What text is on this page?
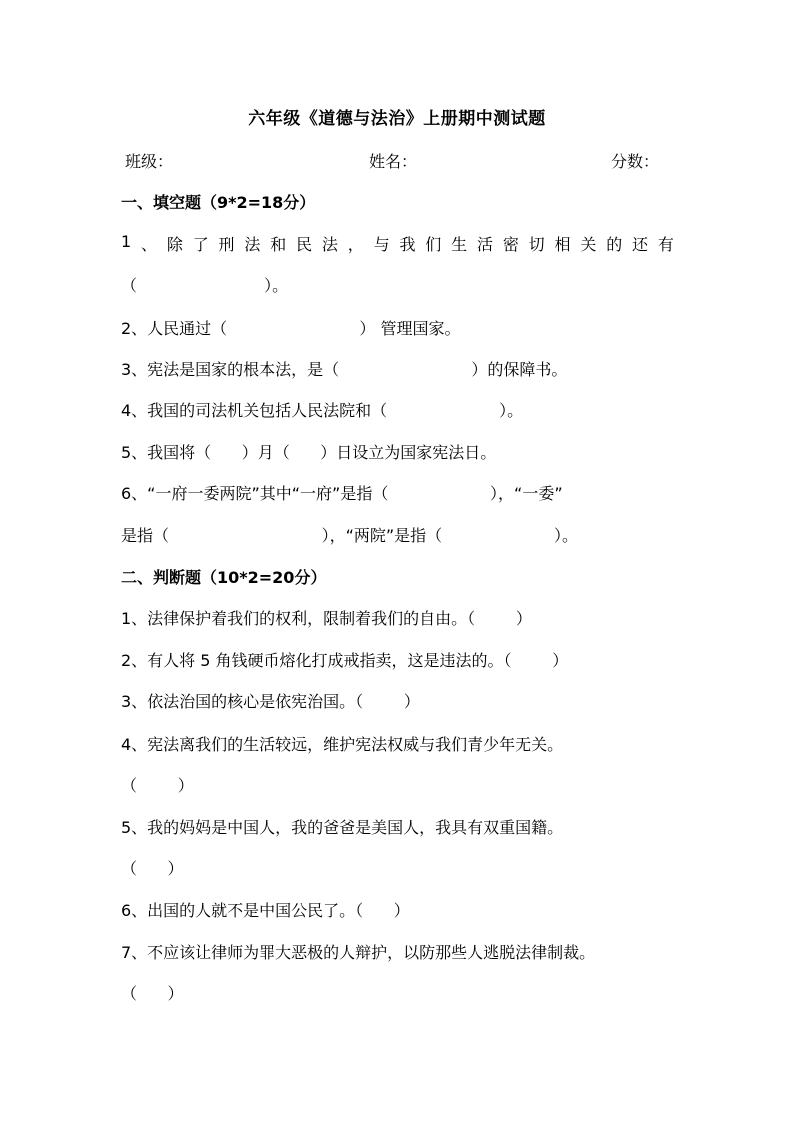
六年级《道德与法治》上册期中测试题
班级：	姓名：	分数：
一、填空题（9*2=18分）
1 、 除 了 刑 法 和 民 法 ， 与 我 们 生 活 密 切 相 关 的 还 有
（                         ）。
2、人民通过（                          ） 管理国家。
3、宪法是国家的根本法，是（                          ）的保障书。
4、我国的司法机关包括人民法院和（                      ）。
5、我国将（      ）月（      ）日设立为国家宪法日。
6、“一府一委两院”其中“一府”是指（                    ），“一委”
是指（                              ），“两院”是指（                      ）。
二、判断题（10*2=20分）
1、法律保护着我们的权利，限制着我们的自由。（        ）
2、有人将 5 角钱硬币熔化打成戒指卖，这是违法的。（        ）
3、依法治国的核心是依宪治国。（        ）
4、宪法离我们的生活较远，维护宪法权威与我们青少年无关。
（        ）
5、我的妈妈是中国人，我的爸爸是美国人，我具有双重国籍。
（      ）
6、出国的人就不是中国公民了。（      ）
7、不应该让律师为罪大恶极的人辩护，以防那些人逃脱法律制裁。
（      ）
